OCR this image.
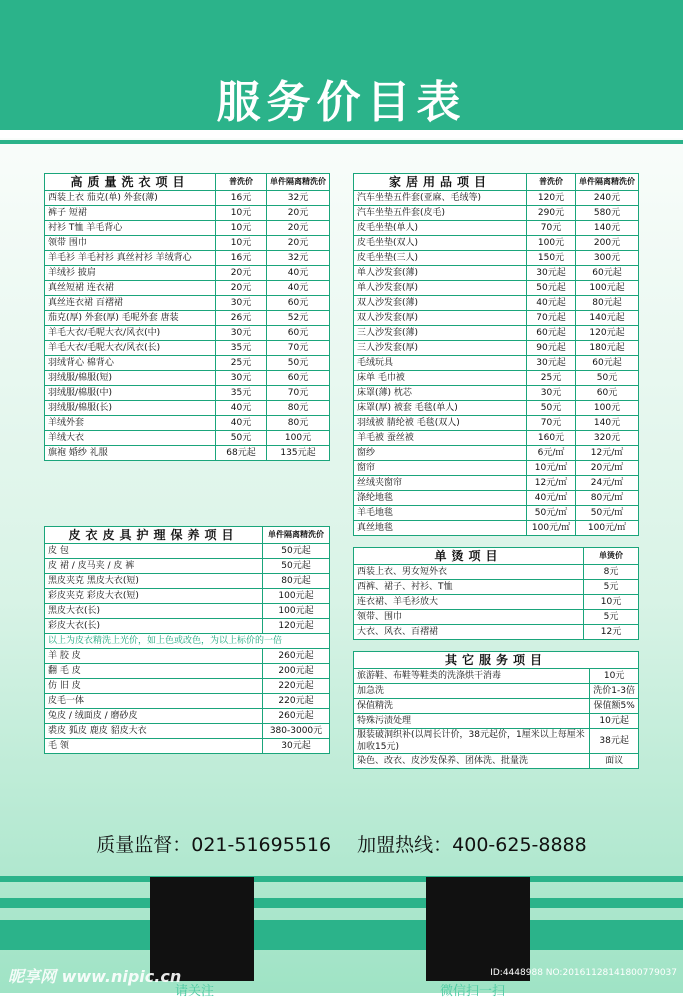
服务价目表
高质量洗衣项目	普洗价	单件隔离精洗价
西装上衣 茄克(单) 外套(薄)	16元	32元
裤子 短裙	10元	20元
衬衫 T恤 羊毛背心	10元	20元
领带 围巾	10元	20元
羊毛衫 羊毛衬衫 真丝衬衫 羊绒背心	16元	32元
羊绒衫 披肩	20元	40元
真丝短裙 连衣裙	20元	40元
真丝连衣裙 百褶裙	30元	60元
茄克(厚) 外套(厚) 毛呢外套 唐装	26元	52元
羊毛大衣/毛呢大衣/风衣(中)	30元	60元
羊毛大衣/毛呢大衣/风衣(长)	35元	70元
羽绒背心 棉背心	25元	50元
羽绒服/棉服(短)	30元	60元
羽绒服/棉服(中)	35元	70元
羽绒服/棉服(长)	40元	80元
羊绒外套	40元	80元
羊绒大衣	50元	100元
旗袍 婚纱 礼服	68元起	135元起
皮衣皮具护理保养项目	单件隔离精洗价
皮 包	50元起
皮 裙 / 皮马夹 / 皮 裤	50元起
黑皮夹克 黑皮大衣(短)	80元起
彩皮夹克 彩皮大衣(短)	100元起
黑皮大衣(长)	100元起
彩皮大衣(长)	120元起
以上为皮衣精洗上光价，如上色或改色，为以上标价的一倍	
羊 胶 皮	260元起
翻 毛 皮	200元起
仿 旧 皮	220元起
皮毛一体	220元起
兔皮 / 绒面皮 / 磨砂皮	260元起
裘皮 狐皮 鹿皮 貂皮大衣	380-3000元
毛 领	30元起
家居用品项目	普洗价	单件隔离精洗价
汽车坐垫五件套(亚麻、毛绒等)	120元	240元
汽车坐垫五件套(皮毛)	290元	580元
皮毛坐垫(单人)	70元	140元
皮毛坐垫(双人)	100元	200元
皮毛坐垫(三人)	150元	300元
单人沙发套(薄)	30元起	60元起
单人沙发套(厚)	50元起	100元起
双人沙发套(薄)	40元起	80元起
双人沙发套(厚)	70元起	140元起
三人沙发套(薄)	60元起	120元起
三人沙发套(厚)	90元起	180元起
毛绒玩具	30元起	60元起
床单 毛巾被	25元	50元
床罩(薄) 枕芯	30元	60元
床罩(厚) 被套 毛毯(单人)	50元	100元
羽绒被 腈纶被 毛毯(双人)	70元	140元
羊毛被 蚕丝被	160元	320元
窗纱	6元/㎡	12元/㎡
窗帘	10元/㎡	20元/㎡
丝绒夹窗帘	12元/㎡	24元/㎡
涤纶地毯	40元/㎡	80元/㎡
羊毛地毯	50元/㎡	50元/㎡
真丝地毯	100元/㎡	100元/㎡
单烫项目	单烫价
西装上衣、男女短外衣	8元
西裤、裙子、衬衫、T恤	5元
连衣裙、羊毛衫放大	10元
领带、围巾	5元
大衣、风衣、百褶裙	12元
其它服务项目	
旅游鞋、布鞋等鞋类的洗涤烘干消毒	10元
加急洗	洗价1-3倍
保值精洗	保值额5%
特殊污渍处理	10元起
服装破洞织补(以周长计价，38元起价，1厘米以上每厘米加收15元)	38元起
染色、改衣、皮沙发保养、团体洗、批量洗	面议
质量监督：021-51695516 加盟热线：400-625-8888
请关注	微信扫一扫
昵享网 www.nipic.cn	ID:4448988 NO:20161128141800779037
